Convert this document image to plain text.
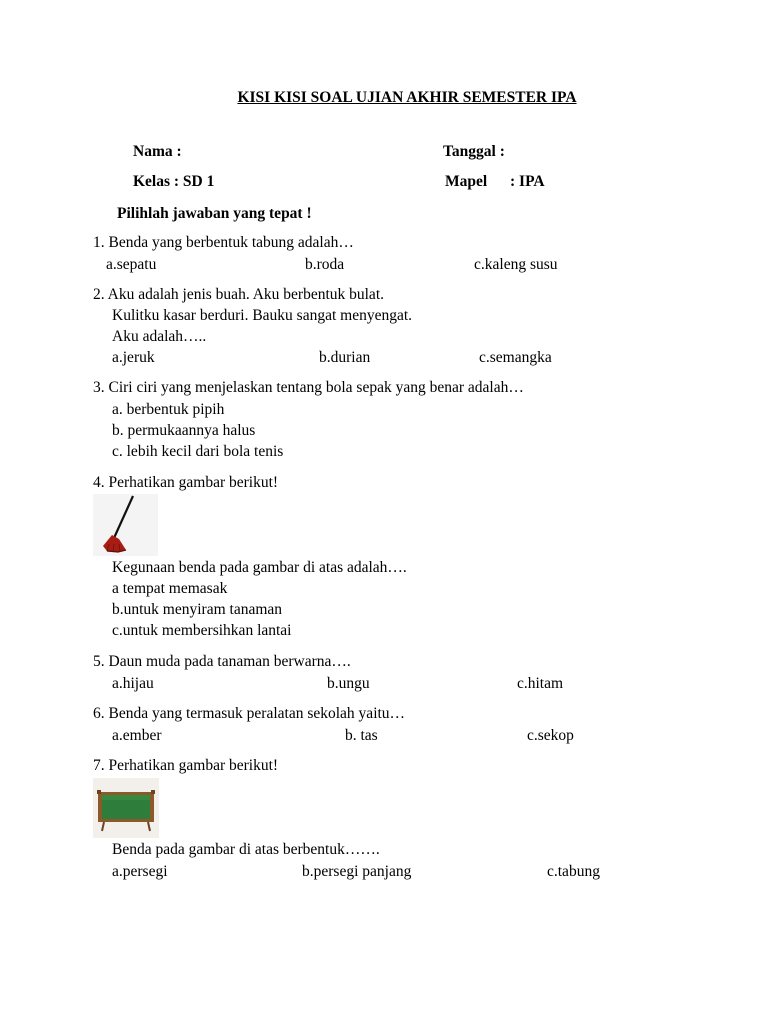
KISI KISI SOAL UJIAN AKHIR SEMESTER IPA
Nama :	Tanggal :
Kelas : SD 1	Mapel : IPA
Pilihlah jawaban yang tepat !
1. Benda yang berbentuk tabung adalah…
a.sepatu	b.roda	c.kaleng susu
2. Aku adalah jenis buah. Aku berbentuk bulat.
Kulitku kasar berduri. Bauku sangat menyengat.
Aku adalah…..
a.jeruk	b.durian	c.semangka
3. Ciri ciri yang menjelaskan tentang bola sepak yang benar adalah…
a. berbentuk pipih
b. permukaannya halus
c. lebih kecil dari bola tenis
4. Perhatikan gambar berikut!
Kegunaan benda pada gambar di atas adalah….
a tempat memasak
b.untuk menyiram tanaman
c.untuk membersihkan lantai
5. Daun muda pada tanaman berwarna….
a.hijau	b.ungu	c.hitam
6. Benda yang termasuk peralatan sekolah yaitu…
a.ember	b. tas	c.sekop
7. Perhatikan gambar berikut!
Benda pada gambar di atas berbentuk…….
a.persegi	b.persegi panjang	c.tabung
